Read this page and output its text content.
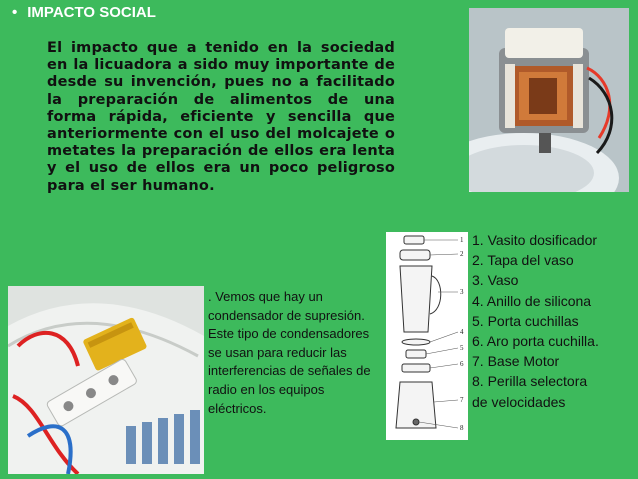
• IMPACTO SOCIAL
El impacto que a tenido en la sociedad en la licuadora a sido muy importante de desde su invención, pues no a facilitado la preparación de alimentos de una forma rápida, eficiente y sencilla que anteriormente con el uso del molcajete o metates la preparación de ellos era lenta y el uso de ellos era un poco peligroso para el ser humano.
. Vemos que hay un condensador de supresión. Este tipo de condensadores se usan para reducir las interferencias de señales de radio en los equipos eléctricos.
1
2
3
4
5
6
7
8
1. Vasito dosificador
2. Tapa del vaso
3. Vaso
4. Anillo de silicona
5. Porta cuchillas
6. Aro porta cuchilla.
7. Base Motor
8. Perilla selectora
de velocidades
